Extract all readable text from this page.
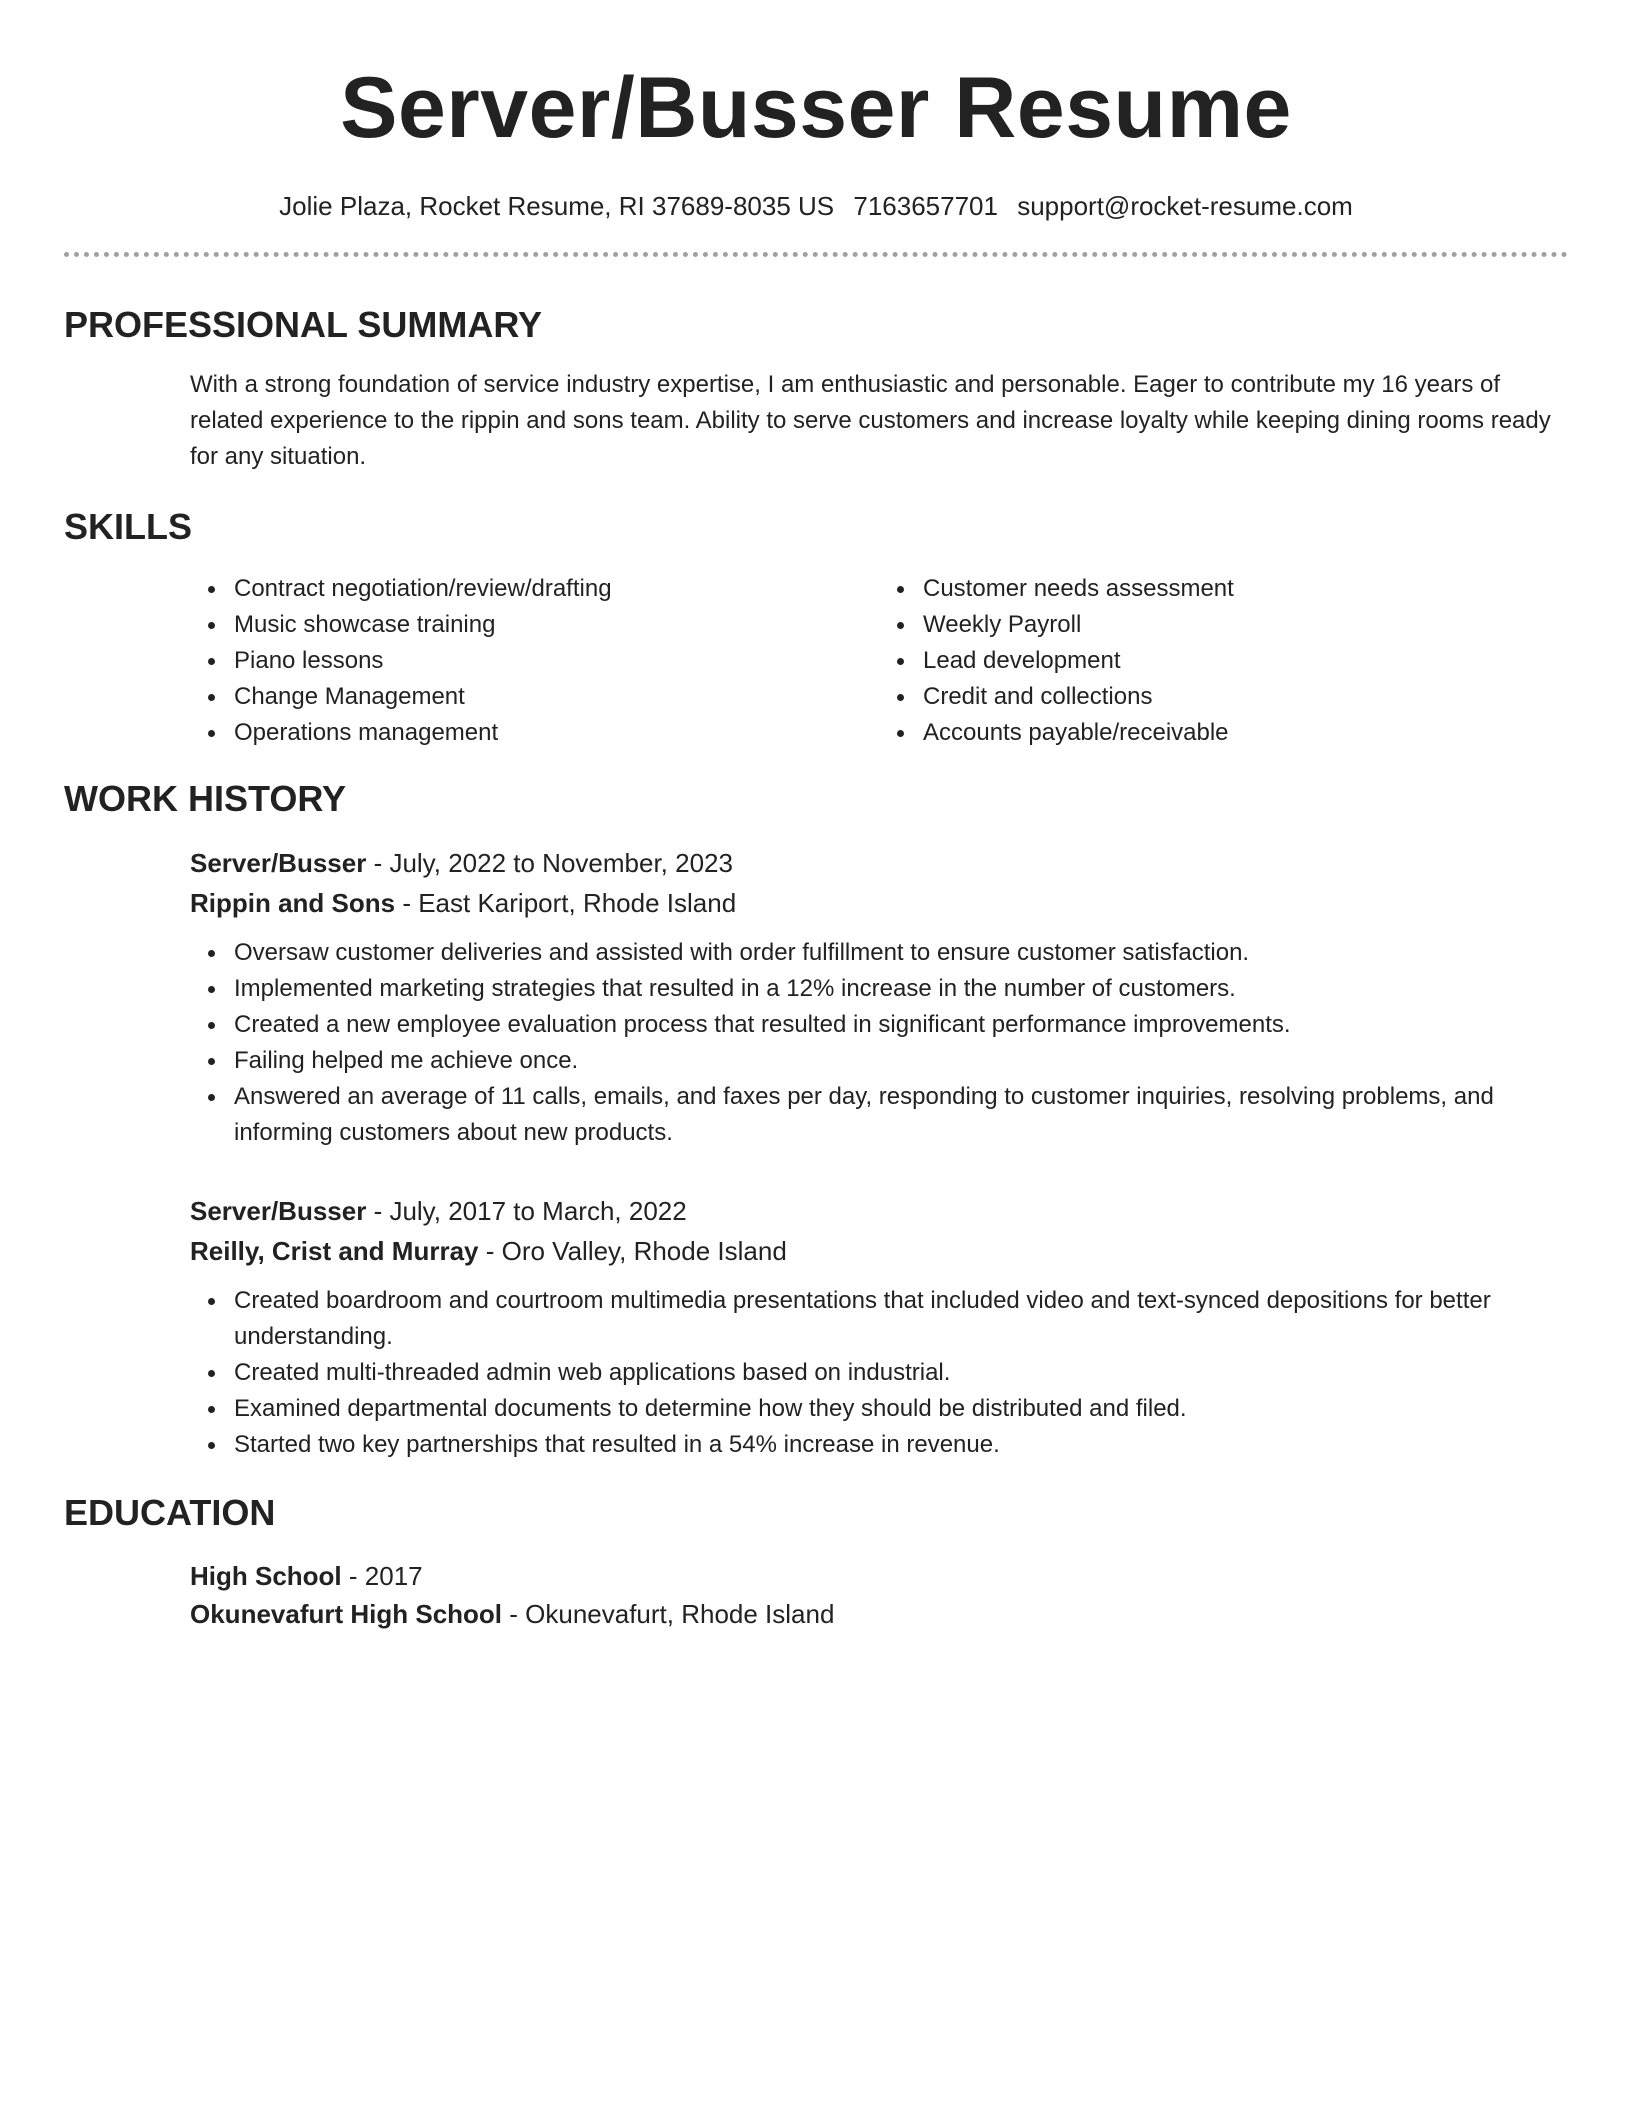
Server/Busser Resume
Jolie Plaza, Rocket Resume, RI 37689-8035 US 7163657701 support@rocket-resume.com
PROFESSIONAL SUMMARY
With a strong foundation of service industry expertise, I am enthusiastic and personable. Eager to contribute my 16 years of related experience to the rippin and sons team. Ability to serve customers and increase loyalty while keeping dining rooms ready for any situation.
SKILLS
Contract negotiation/review/drafting
Music showcase training
Piano lessons
Change Management
Operations management
Customer needs assessment
Weekly Payroll
Lead development
Credit and collections
Accounts payable/receivable
WORK HISTORY
Server/Busser - July, 2022 to November, 2023
Rippin and Sons - East Kariport, Rhode Island
Oversaw customer deliveries and assisted with order fulfillment to ensure customer satisfaction.
Implemented marketing strategies that resulted in a 12% increase in the number of customers.
Created a new employee evaluation process that resulted in significant performance improvements.
Failing helped me achieve once.
Answered an average of 11 calls, emails, and faxes per day, responding to customer inquiries, resolving problems, and informing customers about new products.
Server/Busser - July, 2017 to March, 2022
Reilly, Crist and Murray - Oro Valley, Rhode Island
Created boardroom and courtroom multimedia presentations that included video and text-synced depositions for better understanding.
Created multi-threaded admin web applications based on industrial.
Examined departmental documents to determine how they should be distributed and filed.
Started two key partnerships that resulted in a 54% increase in revenue.
EDUCATION
High School - 2017
Okunevafurt High School - Okunevafurt, Rhode Island
